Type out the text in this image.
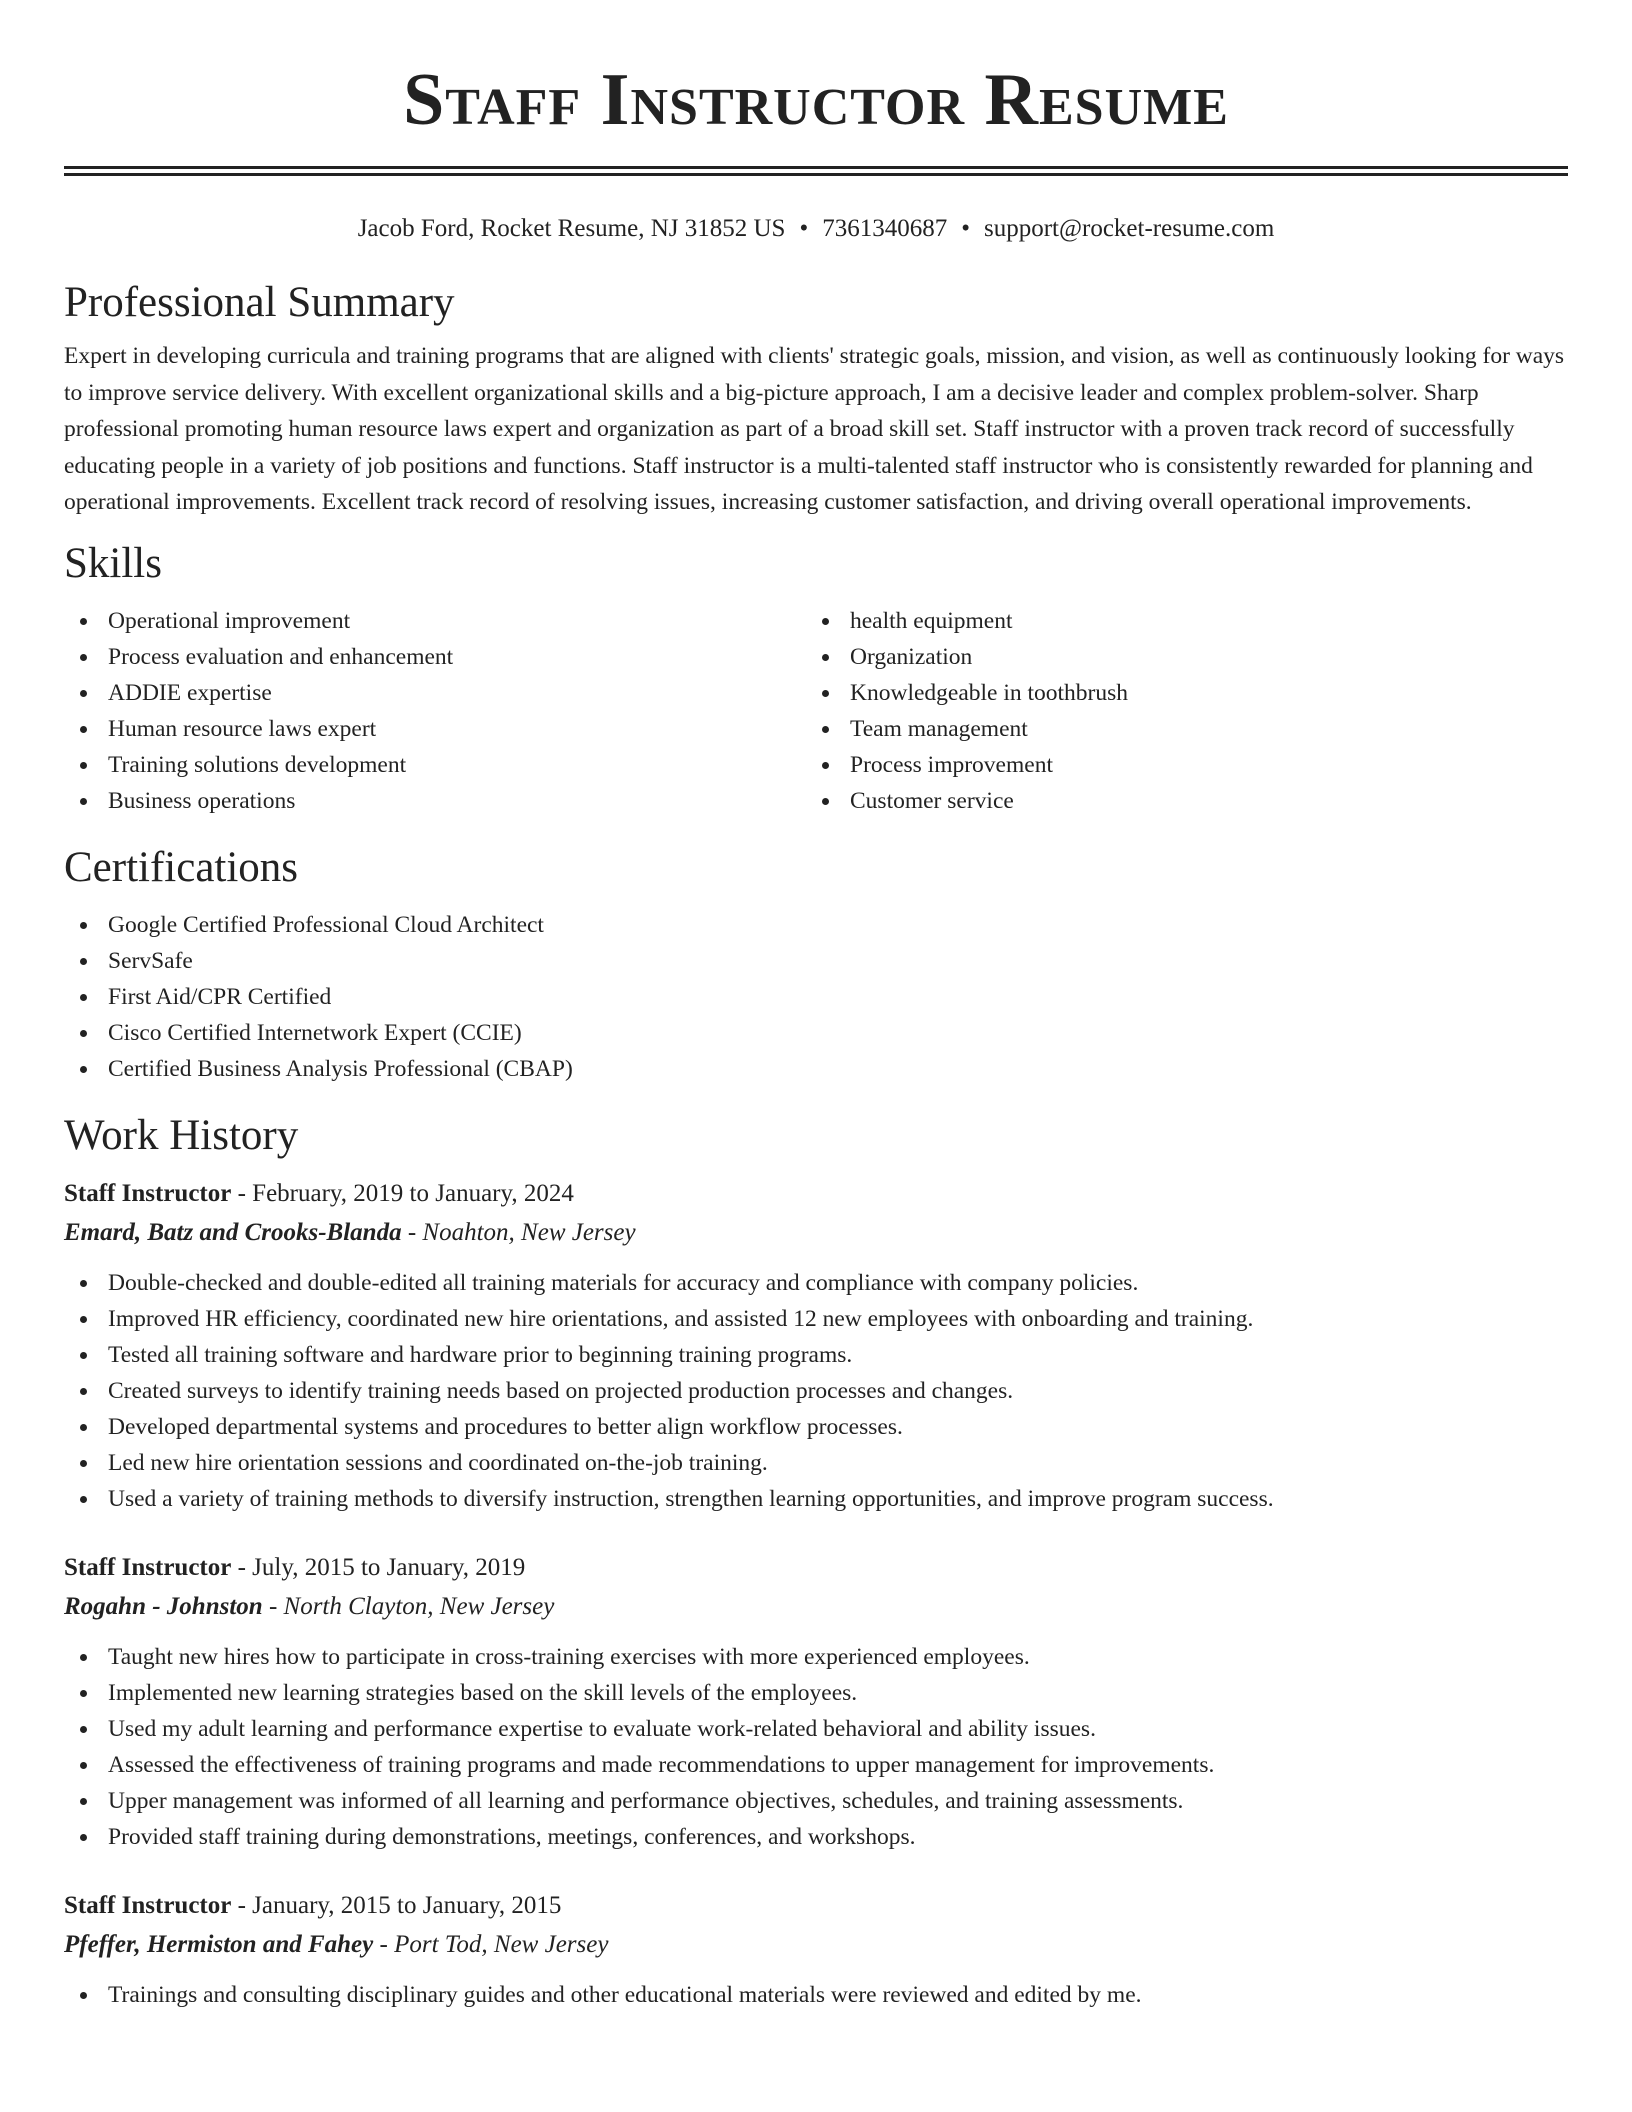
Staff Instructor Resume
Jacob Ford, Rocket Resume, NJ 31852 US • 7361340687 • support@rocket-resume.com
Professional Summary

Expert in developing curricula and training programs that are aligned with clients' strategic goals, mission, and vision, as well as continuously looking for ways to improve service delivery. With excellent organizational skills and a big-picture approach, I am a decisive leader and complex problem-solver. Sharp professional promoting human resource laws expert and organization as part of a broad skill set. Staff instructor with a proven track record of successfully educating people in a variety of job positions and functions. Staff instructor is a multi-talented staff instructor who is consistently rewarded for planning and operational improvements. Excellent track record of resolving issues, increasing customer satisfaction, and driving overall operational improvements.

Skills
Operational improvement
Process evaluation and enhancement
ADDIE expertise
Human resource laws expert
Training solutions development
Business operations
health equipment
Organization
Knowledgeable in toothbrush
Team management
Process improvement
Customer service
Certifications
Google Certified Professional Cloud Architect
ServSafe
First Aid/CPR Certified
Cisco Certified Internetwork Expert (CCIE)
Certified Business Analysis Professional (CBAP)
Work History
Staff Instructor - February, 2019 to January, 2024
Emard, Batz and Crooks-Blanda - Noahton, New Jersey
Double-checked and double-edited all training materials for accuracy and compliance with company policies.
Improved HR efficiency, coordinated new hire orientations, and assisted 12 new employees with onboarding and training.
Tested all training software and hardware prior to beginning training programs.
Created surveys to identify training needs based on projected production processes and changes.
Developed departmental systems and procedures to better align workflow processes.
Led new hire orientation sessions and coordinated on-the-job training.
Used a variety of training methods to diversify instruction, strengthen learning opportunities, and improve program success.
Staff Instructor - July, 2015 to January, 2019
Rogahn - Johnston - North Clayton, New Jersey
Taught new hires how to participate in cross-training exercises with more experienced employees.
Implemented new learning strategies based on the skill levels of the employees.
Used my adult learning and performance expertise to evaluate work-related behavioral and ability issues.
Assessed the effectiveness of training programs and made recommendations to upper management for improvements.
Upper management was informed of all learning and performance objectives, schedules, and training assessments.
Provided staff training during demonstrations, meetings, conferences, and workshops.
Staff Instructor - January, 2015 to January, 2015
Pfeffer, Hermiston and Fahey - Port Tod, New Jersey
Trainings and consulting disciplinary guides and other educational materials were reviewed and edited by me.
